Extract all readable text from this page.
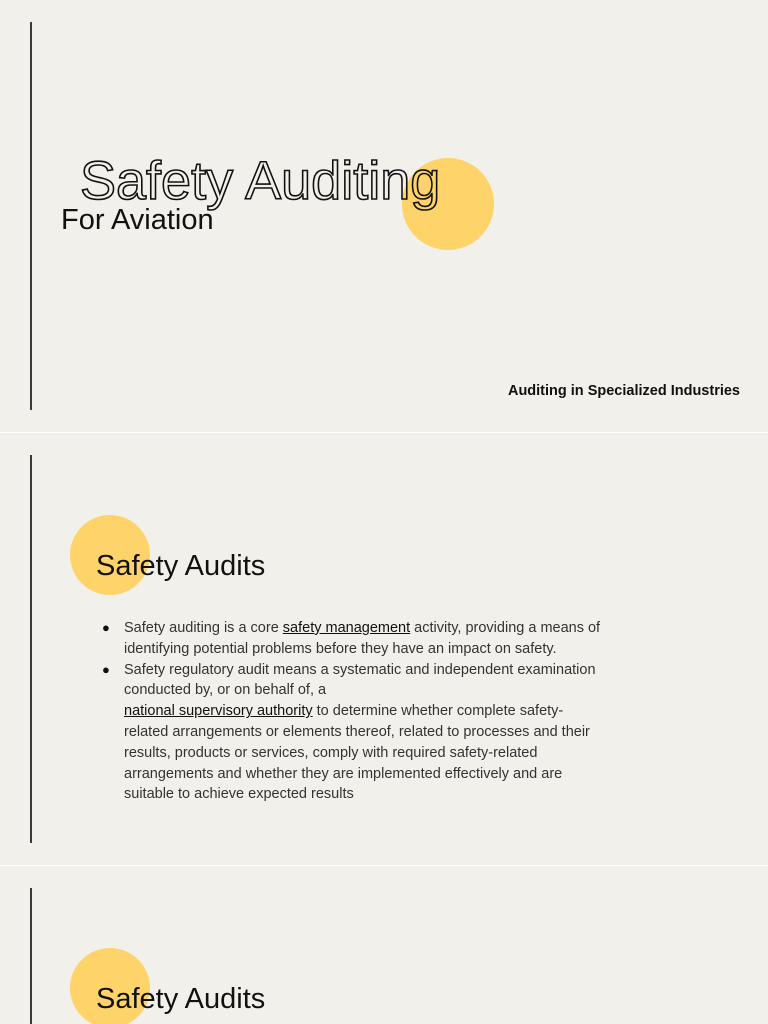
Safety Auditing
For Aviation
Auditing in Specialized Industries
Safety Audits
● Safety auditing is a core safety management activity, providing a means of identifying potential problems before they have an impact on safety.
● Safety regulatory audit means a systematic and independent examination conducted by, or on behalf of, a
national supervisory authority to determine whether complete safety-related arrangements or elements thereof, related to processes and their results, products or services, comply with required safety-related arrangements and whether they are implemented effectively and are suitable to achieve expected results
Safety Audits
